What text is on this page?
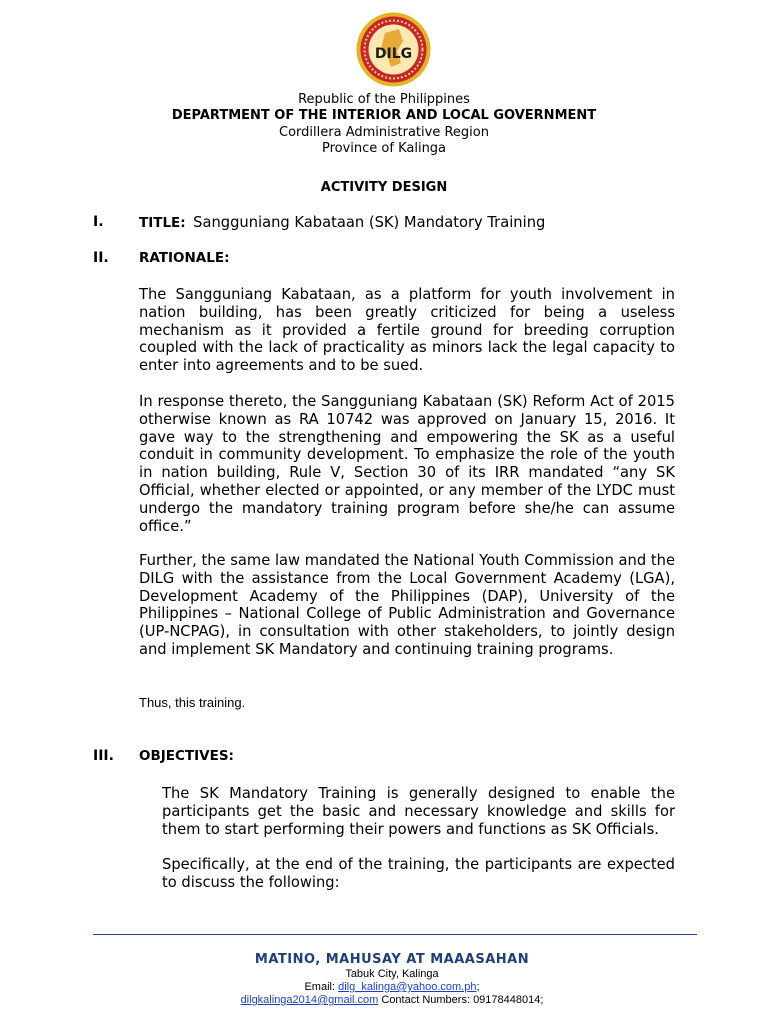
DILG
Republic of the Philippines
DEPARTMENT OF THE INTERIOR AND LOCAL GOVERNMENT
Cordillera Administrative Region
Province of Kalinga
ACTIVITY DESIGN
I.	TITLE: Sangguniang Kabataan (SK) Mandatory Training
II. RATIONALE:
The Sangguniang Kabataan, as a platform for youth involvement in nation building, has been greatly criticized for being a useless mechanism as it provided a fertile ground for breeding corruption coupled with the lack of practicality as minors lack the legal capacity to enter into agreements and to be sued.
In response thereto, the Sangguniang Kabataan (SK) Reform Act of 2015 otherwise known as RA 10742 was approved on January 15, 2016. It gave way to the strengthening and empowering the SK as a useful conduit in community development. To emphasize the role of the youth in nation building, Rule V, Section 30 of its IRR mandated “any SK Official, whether elected or appointed, or any member of the LYDC must undergo the mandatory training program before she/he can assume office.”
Further, the same law mandated the National Youth Commission and the DILG with the assistance from the Local Government Academy (LGA), Development Academy of the Philippines (DAP), University of the Philippines – National College of Public Administration and Governance (UP-NCPAG), in consultation with other stakeholders, to jointly design and implement SK Mandatory and continuing training programs.
Thus, this training.
III. OBJECTIVES:
The SK Mandatory Training is generally designed to enable the participants get the basic and necessary knowledge and skills for them to start performing their powers and functions as SK Officials.
Specifically, at the end of the training, the participants are expected to discuss the following:
MATINO, MAHUSAY AT MAAASAHAN
Tabuk City, Kalinga
Email: dilg_kalinga@yahoo.com.ph;
dilgkalinga2014@gmail.com Contact Numbers: 09178448014;
